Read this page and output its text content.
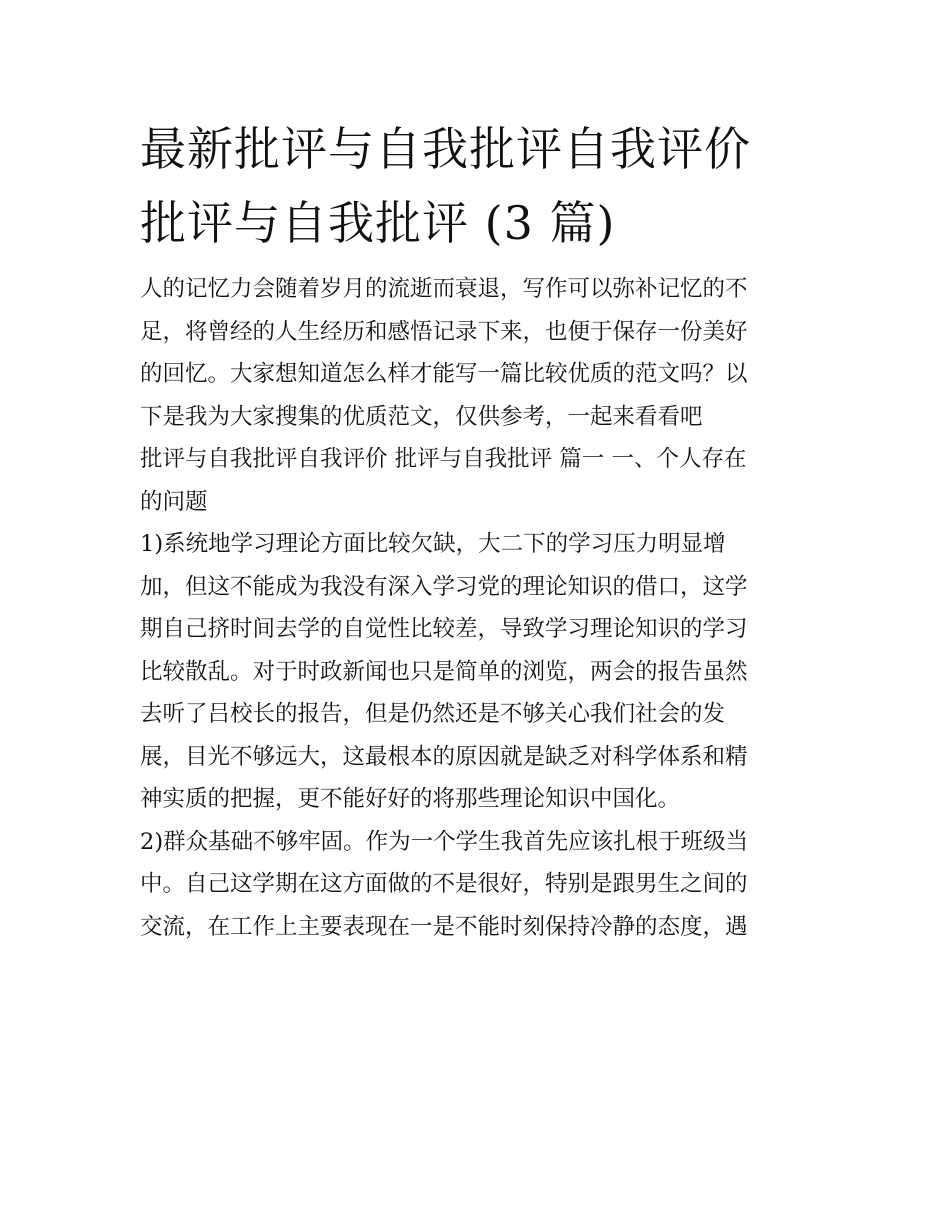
最新批评与自我批评自我评价
批评与自我批评 (3 篇)

人的记忆力会随着岁月的流逝而衰退，写作可以弥补记忆的不
足，将曾经的人生经历和感悟记录下来，也便于保存一份美好
的回忆。大家想知道怎么样才能写一篇比较优质的范文吗？以
下是我为大家搜集的优质范文，仅供参考，一起来看看吧

批评与自我批评自我评价 批评与自我批评 篇一 一、个人存在
的问题

1)系统地学习理论方面比较欠缺，大二下的学习压力明显增
加，但这不能成为我没有深入学习党的理论知识的借口，这学
期自己挤时间去学的自觉性比较差，导致学习理论知识的学习
比较散乱。对于时政新闻也只是简单的浏览，两会的报告虽然
去听了吕校长的报告，但是仍然还是不够关心我们社会的发
展，目光不够远大，这最根本的原因就是缺乏对科学体系和精
神实质的把握，更不能好好的将那些理论知识中国化。

2)群众基础不够牢固。作为一个学生我首先应该扎根于班级当
中。自己这学期在这方面做的不是很好，特别是跟男生之间的
交流，在工作上主要表现在一是不能时刻保持冷静的态度，遇
